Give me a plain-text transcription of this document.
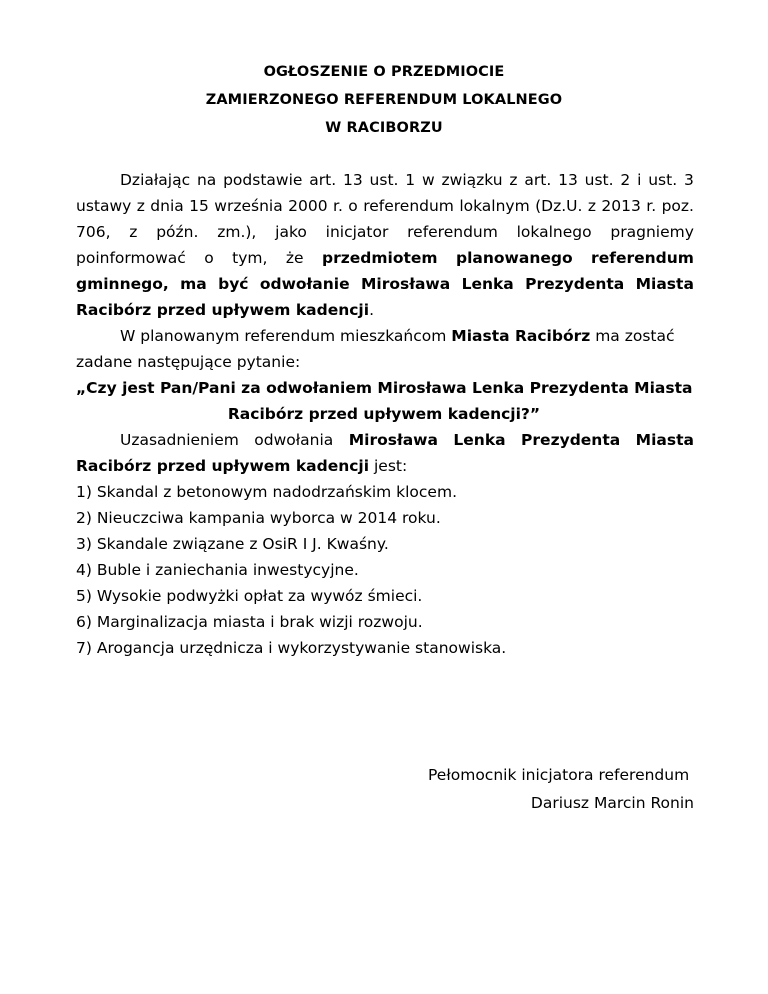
OGŁOSZENIE O PRZEDMIOCIE
ZAMIERZONEGO REFERENDUM LOKALNEGO
W RACIBORZU
Działając na podstawie art. 13 ust. 1 w związku z art. 13 ust. 2 i ust. 3
ustawy z dnia 15 września 2000 r. o referendum lokalnym (Dz.U. z 2013 r. poz.
706, z późn. zm.), jako inicjator referendum lokalnego pragniemy
poinformować o tym, że przedmiotem planowanego referendum
gminnego, ma być odwołanie Mirosława Lenka Prezydenta Miasta
Racibórz przed upływem kadencji.
W planowanym referendum mieszkańcom Miasta Racibórz ma zostać
zadane następujące pytanie:
„Czy jest Pan/Pani za odwołaniem Mirosława Lenka Prezydenta Miasta
Racibórz przed upływem kadencji?”
Uzasadnieniem odwołania Mirosława Lenka Prezydenta Miasta
Racibórz przed upływem kadencji jest:
1) Skandal z betonowym nadodrzańskim klocem.
2) Nieuczciwa kampania wyborca w 2014 roku.
3) Skandale związane z OsiR I J. Kwaśny.
4) Buble i zaniechania inwestycyjne.
5) Wysokie podwyżki opłat za wywóz śmieci.
6) Marginalizacja miasta i brak wizji rozwoju.
7) Arogancja urzędnicza i wykorzystywanie stanowiska.
Pełomocnik inicjatora referendum
Dariusz Marcin Ronin
